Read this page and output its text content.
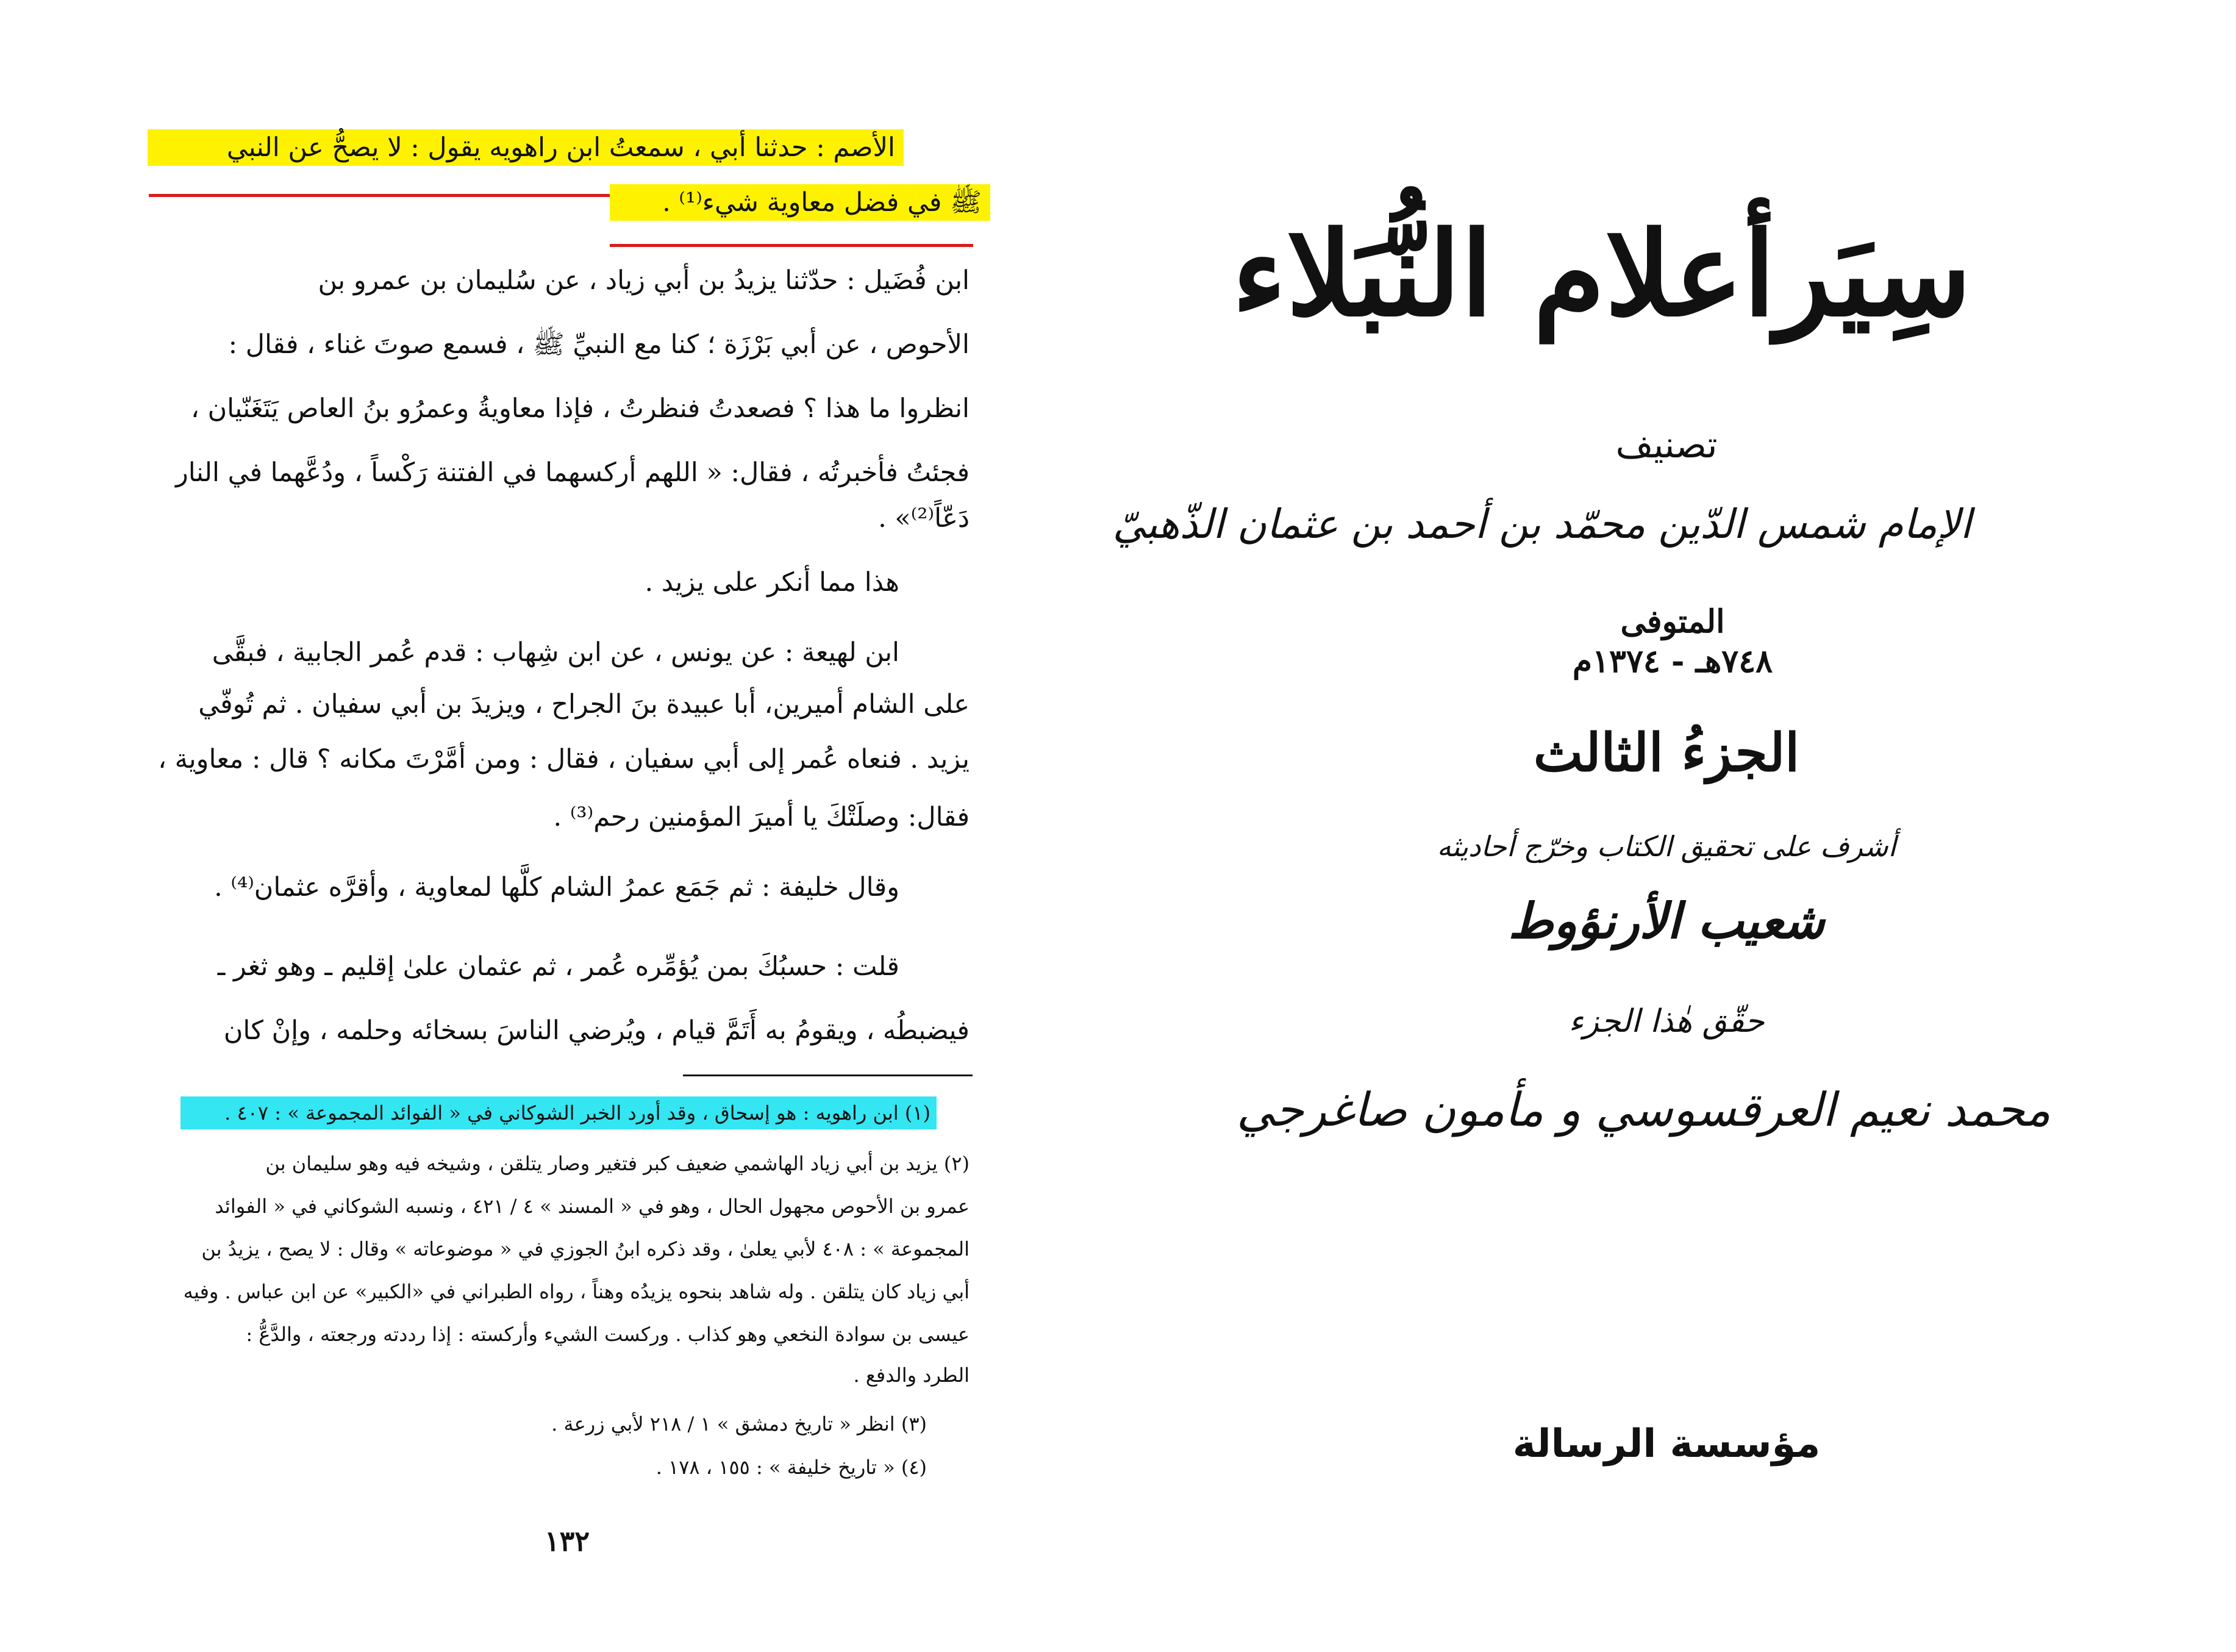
الأصم : حدثنا أبي ، سمعتُ ابن راهويه يقول : لا يصحُّ عن النبي
ﷺ في فضل معاوية شيء⁽¹⁾ .
ابن فُضَيل : حدّثنا يزيدُ بن أبي زياد ، عن سُليمان بن عمرو بن
الأحوص ، عن أبي بَرْزَة ؛ كنا مع النبيِّ ﷺ ، فسمع صوتَ غناء ، فقال :
انظروا ما هذا ؟ فصعدتُ فنظرتُ ، فإذا معاويةُ وعمرُو بنُ العاص يَتَغَنّيان ،
فجئتُ فأخبرتُه ، فقال: « اللهم أركسهما في الفتنة رَكْساً ، ودُعَّهما في النار
دَعّاً⁽²⁾» .
هذا مما أنكر على يزيد .
ابن لهيعة : عن يونس ، عن ابن شِهاب : قدم عُمر الجابية ، فبقَّى
على الشام أميرين، أبا عبيدة بنَ الجراح ، ويزيدَ بن أبي سفيان . ثم تُوفّي
يزيد . فنعاه عُمر إلى أبي سفيان ، فقال : ومن أمَّرْتَ مكانه ؟ قال : معاوية ،
فقال: وصلَتْكَ يا أميرَ المؤمنين رحم⁽³⁾ .
وقال خليفة : ثم جَمَع عمرُ الشام كلَّها لمعاوية ، وأقرَّه عثمان⁽⁴⁾ .
قلت : حسبُكَ بمن يُؤمِّره عُمر ، ثم عثمان علىٰ إقليم ـ وهو ثغر ـ
فيضبطُه ، ويقومُ به أَتَمَّ قيام ، ويُرضي الناسَ بسخائه وحلمه ، وإنْ كان
(١) ابن راهويه : هو إسحاق ، وقد أورد الخبر الشوكاني في « الفوائد المجموعة » : ٤٠٧ .
(٢) يزيد بن أبي زياد الهاشمي ضعيف كبر فتغير وصار يتلقن ، وشيخه فيه وهو سليمان بن
عمرو بن الأحوص مجهول الحال ، وهو في « المسند » ٤ / ٤٢١ ، ونسبه الشوكاني في « الفوائد
المجموعة » : ٤٠٨ لأبي يعلىٰ ، وقد ذكره ابنُ الجوزي في « موضوعاته » وقال : لا يصح ، يزيدُ بن
أبي زياد كان يتلقن . وله شاهد بنحوه يزيدُه وهناً ، رواه الطبراني في «الكبير» عن ابن عباس . وفيه
عيسى بن سوادة النخعي وهو كذاب . وركست الشيء وأركسته : إذا رددته ورجعته ، والدَّعُّ :
الطرد والدفع .
(٣) انظر « تاريخ دمشق » ١ / ٢١٨ لأبي زرعة .
(٤) « تاريخ خليفة » : ١٥٥ ، ١٧٨ .
١٣٢
سِيَرأعلام النُّبَلاء
تصنيف
الإمام شمس الدّين محمّد بن أحمد بن عثمان الذّهبيّ
المتوفى
٧٤٨هـ - ١٣٧٤م
الجزءُ الثالث
أشرف على تحقيق الكتاب وخرّج أحاديثه
شعيب الأرنؤوط
حقّق هٰذا الجزء
محمد نعيم العرقسوسي و مأمون صاغرجي
مؤسسة الرسالة
